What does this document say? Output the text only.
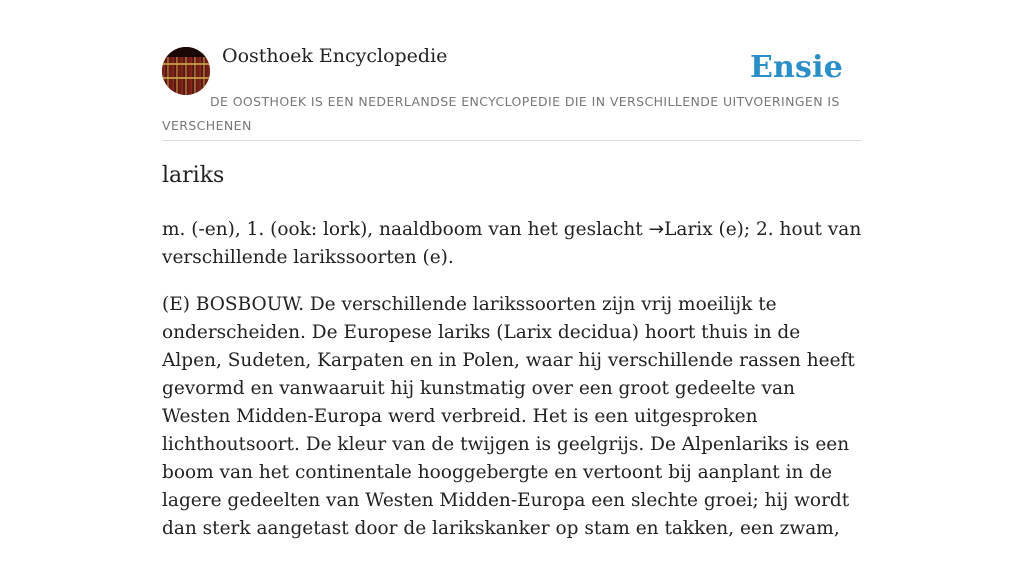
Oosthoek Encyclopedie	Ensie
DE OOSTHOEK IS EEN NEDERLANDSE ENCYCLOPEDIE DIE IN VERSCHILLENDE UITVOERINGEN IS VERSCHENEN
lariks

m. (-en), 1. (ook: lork), naaldboom van het geslacht →Larix (e); 2. hout van verschillende larikssoorten (e).

(E) BOSBOUW. De verschillende larikssoorten zijn vrij moeilijk te onderscheiden. De Europese lariks (Larix decidua) hoort thuis in de Alpen, Sudeten, Karpaten en in Polen, waar hij verschillende rassen heeft gevormd en vanwaaruit hij kunstmatig over een groot gedeelte van Westen Midden-Europa werd verbreid. Het is een uitgesproken lichthoutsoort. De kleur van de twijgen is geelgrijs. De Alpenlariks is een boom van het continentale hooggebergte en vertoont bij aanplant in de lagere gedeelten van Westen Midden-Europa een slechte groei; hij wordt dan sterk aangetast door de larikskanker op stam en takken, een zwam,
